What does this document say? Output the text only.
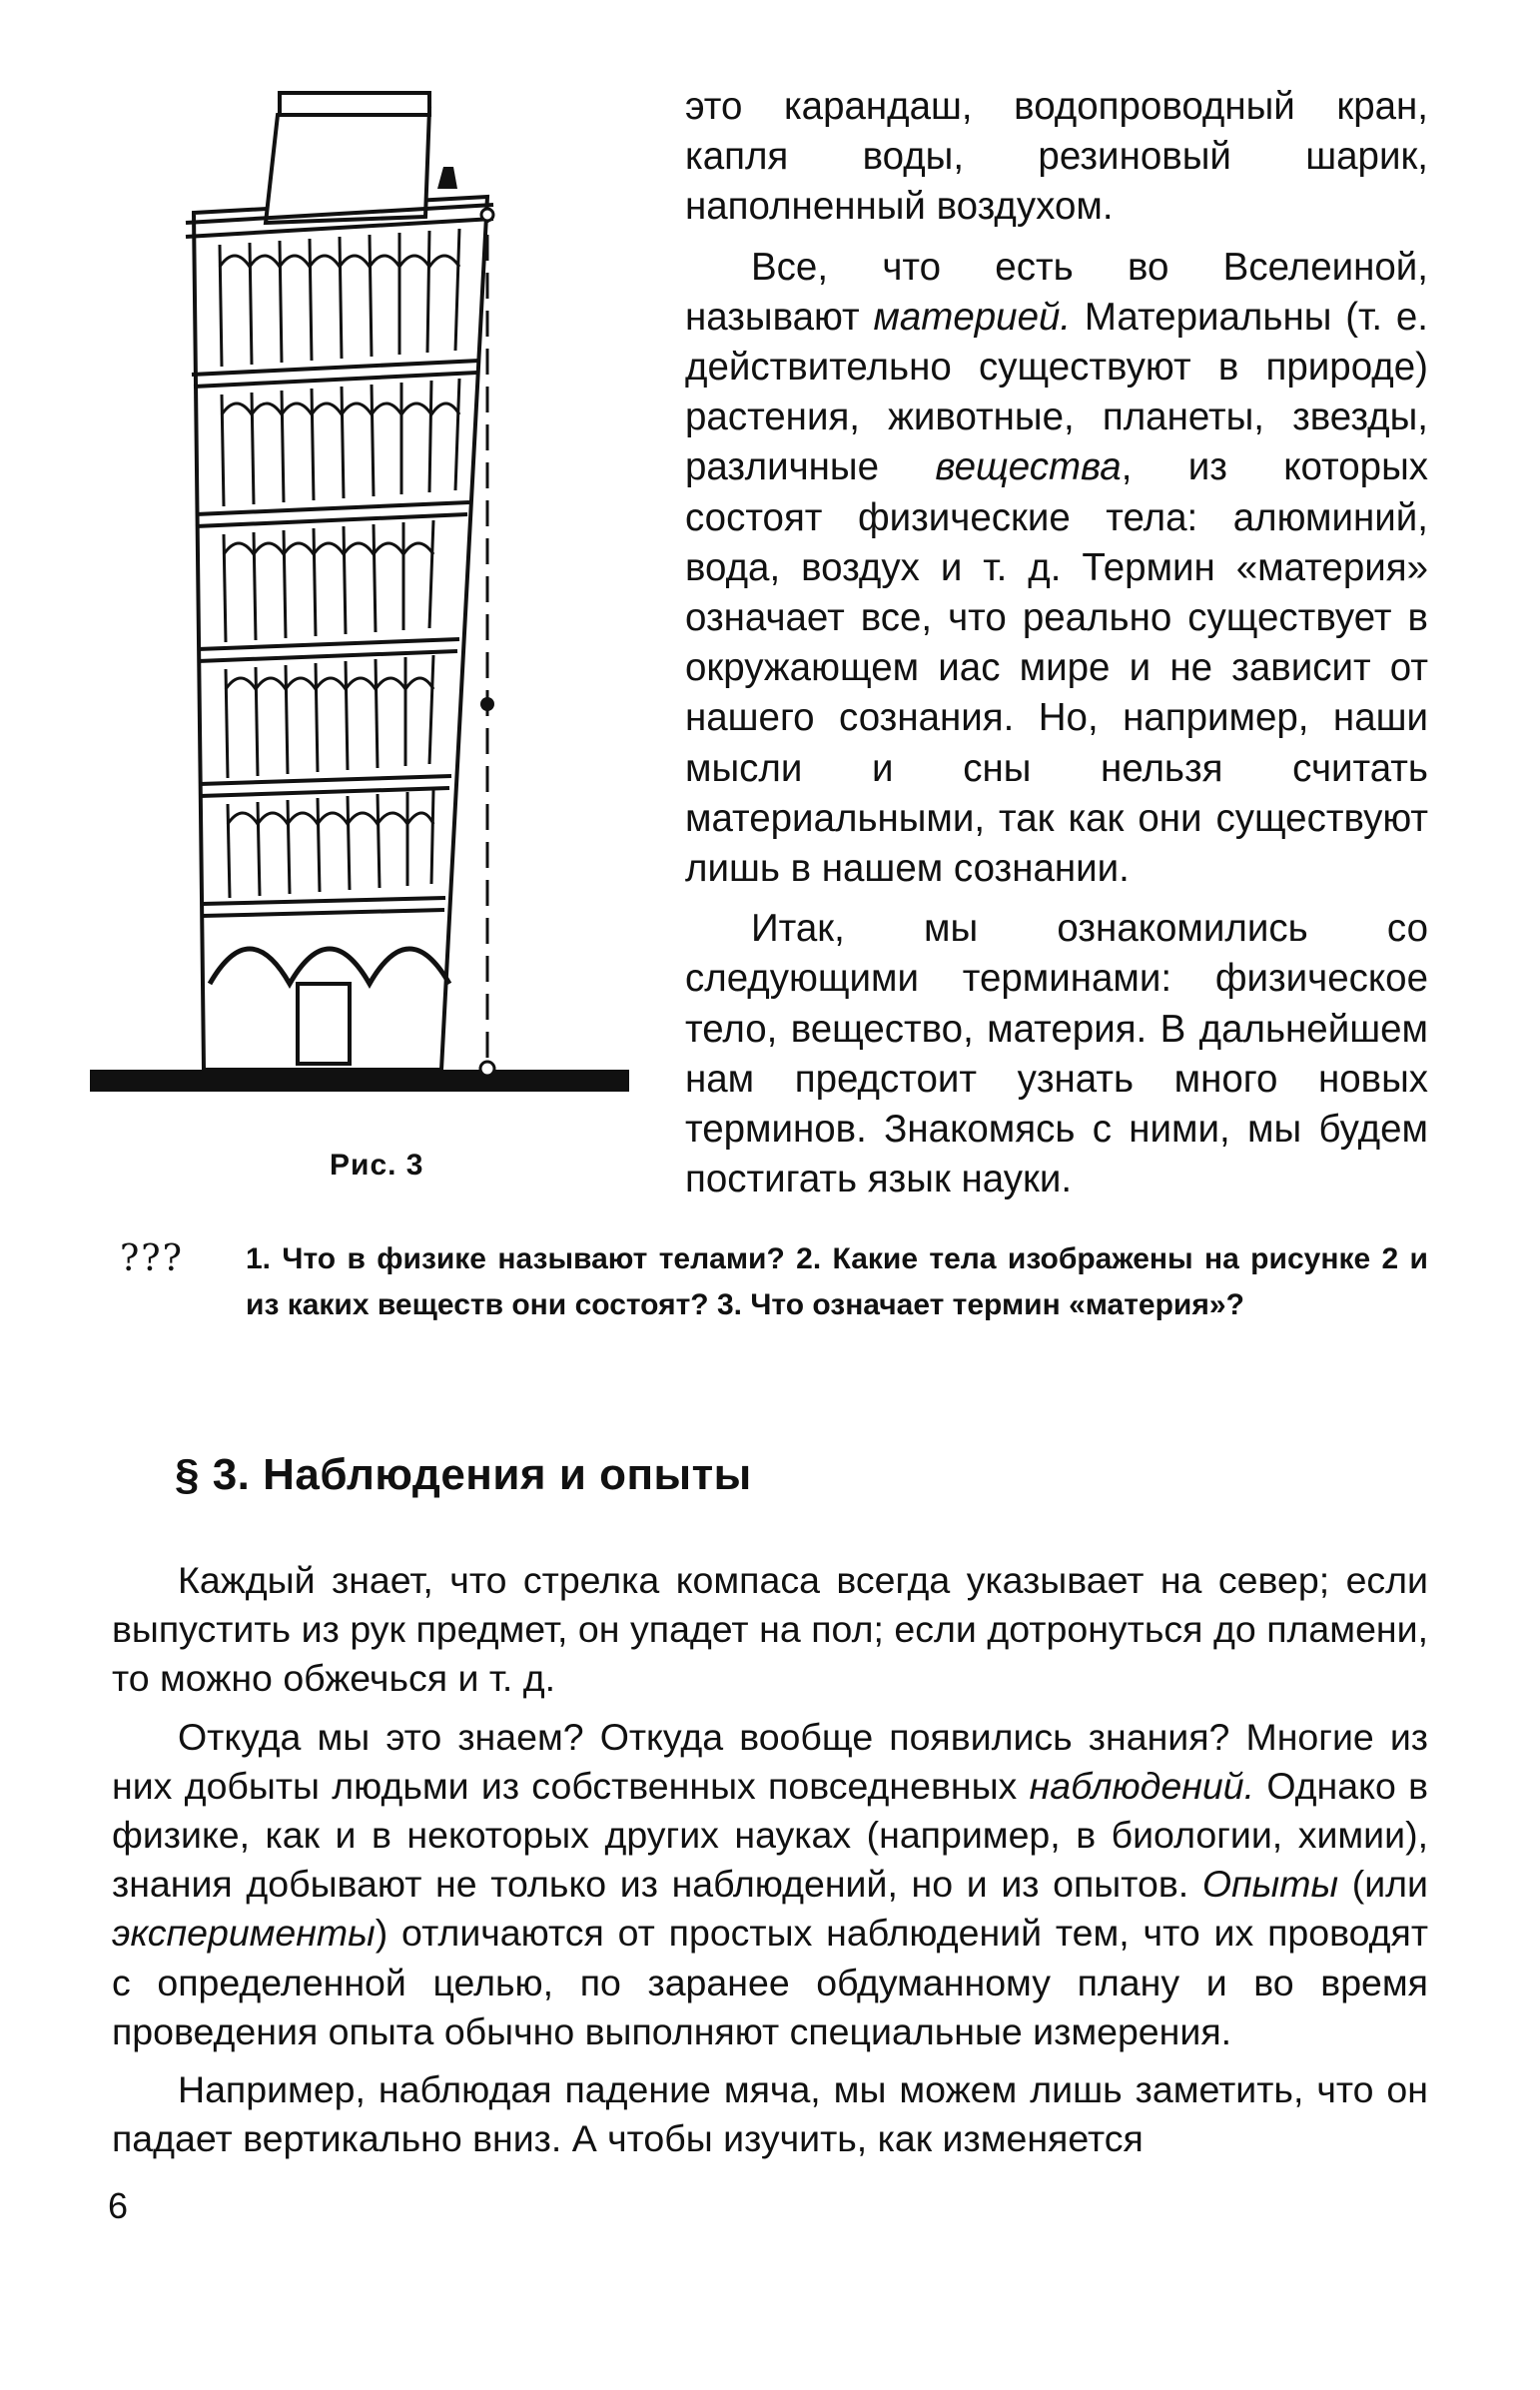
Рис. 3

это карандаш, водопроводный кран, капля воды, резиновый шарик, наполненный воздухом.

Все, что есть во Вселеиной, называют материей. Материальны (т. е. действительно существуют в природе) растения, животные, планеты, звезды, различные вещества, из которых состоят физические тела: алюминий, вода, воздух и т. д. Термин «материя» означает все, что реально существует в окружающем иас мире и не зависит от нашего сознания. Но, например, наши мысли и сны нельзя считать материальными, так как они существуют лишь в нашем сознании.

Итак, мы ознакомились со следующими терминами: физическое тело, вещество, материя. В дальнейшем нам предстоит узнать много новых терминов. Знакомясь с ними, мы будем постигать язык науки.

??? 1. Что в физике называют телами? 2. Какие тела изображены на рисунке 2 и из каких веществ они состоят? 3. Что означает термин «материя»?
§ 3. Наблюдения и опыты

Каждый знает, что стрелка компаса всегда указывает на север; если выпустить из рук предмет, он упадет на пол; если дотронуться до пламени, то можно обжечься и т. д.

Откуда мы это знаем? Откуда вообще появились знания? Многие из них добыты людьми из собственных повседневных наблюдений. Однако в физике, как и в некоторых других науках (например, в биологии, химии), знания добывают не только из наблюдений, но и из опытов. Опыты (или эксперименты) отличаются от простых наблюдений тем, что их проводят с определенной целью, по заранее обдуманному плану и во время проведения опыта обычно выполняют специальные измерения.

Например, наблюдая падение мяча, мы можем лишь заметить, что он падает вертикально вниз. А чтобы изучить, как изменяется

6
